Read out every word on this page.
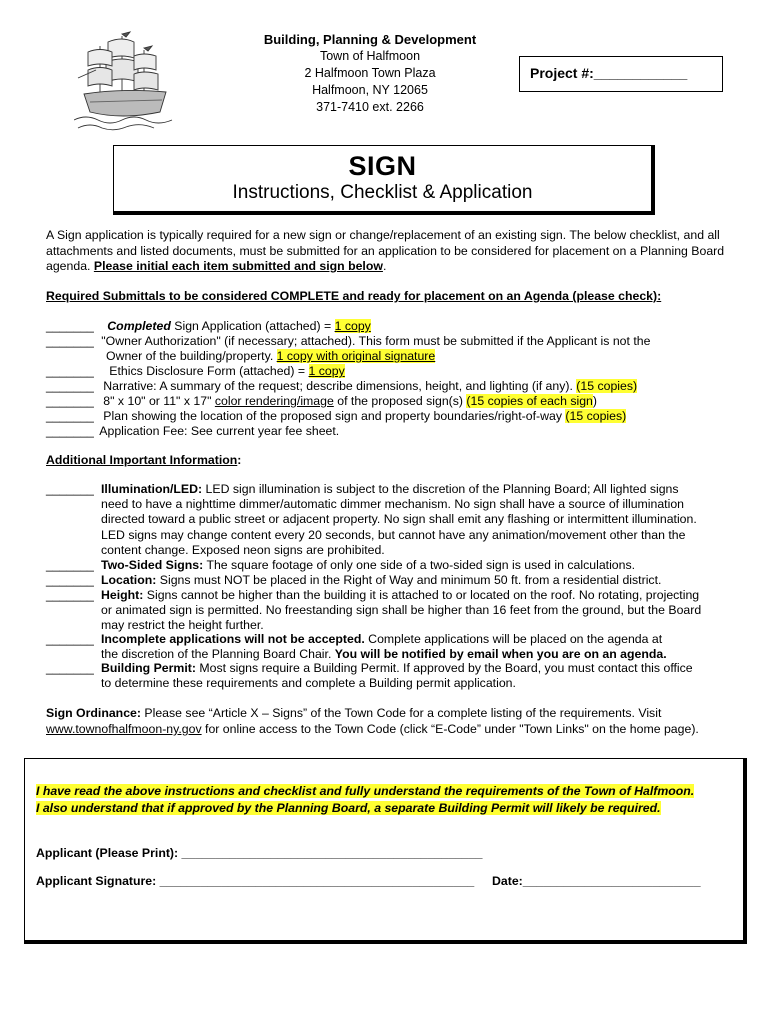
Building, Planning & Development
Town of Halfmoon
2 Halfmoon Town Plaza
Halfmoon, NY 12065
371-7410 ext. 2266
Project #:____________
SIGN
Instructions, Checklist & Application
A Sign application is typically required for a new sign or change/replacement of an existing sign. The below checklist, and all attachments and listed documents, must be submitted for an application to be considered for placement on a Planning Board agenda. Please initial each item submitted and sign below.
Required Submittals to be considered COMPLETE and ready for placement on an Agenda (please check):
_______ Completed Sign Application (attached) = 1 copy
_______ "Owner Authorization" (if necessary; attached). This form must be submitted if the Applicant is not the
Owner of the building/property. 1 copy with original signature
_______ Ethics Disclosure Form (attached) = 1 copy
_______ Narrative: A summary of the request; describe dimensions, height, and lighting (if any). (15 copies)
_______ 8" x 10" or 11" x 17" color rendering/image of the proposed sign(s) (15 copies of each sign)
_______ Plan showing the location of the proposed sign and property boundaries/right-of-way (15 copies)
_______ Application Fee: See current year fee sheet.
Additional Important Information:
_______ Illumination/LED: LED sign illumination is subject to the discretion of the Planning Board; All lighted signs
need to have a nighttime dimmer/automatic dimmer mechanism. No sign shall have a source of illumination
directed toward a public street or adjacent property. No sign shall emit any flashing or intermittent illumination.
LED signs may change content every 20 seconds, but cannot have any animation/movement other than the
content change. Exposed neon signs are prohibited.
_______ Two-Sided Signs: The square footage of only one side of a two-sided sign is used in calculations.
_______ Location: Signs must NOT be placed in the Right of Way and minimum 50 ft. from a residential district.
_______ Height: Signs cannot be higher than the building it is attached to or located on the roof. No rotating, projecting
or animated sign is permitted. No freestanding sign shall be higher than 16 feet from the ground, but the Board
may restrict the height further.
_______ Incomplete applications will not be accepted. Complete applications will be placed on the agenda at
the discretion of the Planning Board Chair. You will be notified by email when you are on an agenda.
_______ Building Permit: Most signs require a Building Permit. If approved by the Board, you must contact this office
to determine these requirements and complete a Building permit application.
Sign Ordinance: Please see “Article X – Signs” of the Town Code for a complete listing of the requirements. Visit
www.townofhalfmoon-ny.gov for online access to the Town Code (click “E-Code” under "Town Links" on the home page).
I have read the above instructions and checklist and fully understand the requirements of the Town of Halfmoon.
I also understand that if approved by the Planning Board, a separate Building Permit will likely be required.
Applicant (Please Print): ____________________________________________
Applicant Signature: ______________________________________________ Date:__________________________
